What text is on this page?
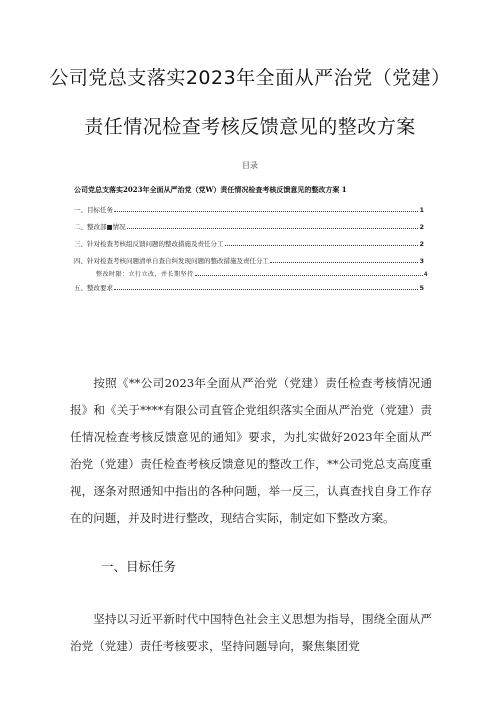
公司党总支落实2023年全面从严治党（党建）
责任情况检查考核反馈意见的整改方案
目录
公司党总支落实2023年全面从严治党（党W）责任情况检查考核反馈意见的整改方案 1
一、目标任务	1
二、整改部■情况	2
三、针对检查考核组反馈问题的整改措施及责任分工	2
四、针对检查考核问题清单自查自纠发现问题的整改措施及责任分工	3
整改时限：立行立改，并长期坚持	4
五、整改要求	5
按照《**公司2023年全面从严治党（党建）责任检查考核情况通报》和《关于****有限公司直管企党组织落实全面从严治党（党建）责任情况检查考核反馈意见的通知》要求，为扎实做好2023年全面从严治党（党建）责任检查考核反馈意见的整改工作，**公司党总支高度重视，逐条对照通知中指出的各种问题，举一反三，认真查找自身工作存在的问题，并及时进行整改，现结合实际，制定如下整改方案。
一、目标任务
坚持以习近平新时代中国特色社会主义思想为指导，围绕全面从严治党（党建）责任考核要求，坚持问题导向，聚焦集团党
